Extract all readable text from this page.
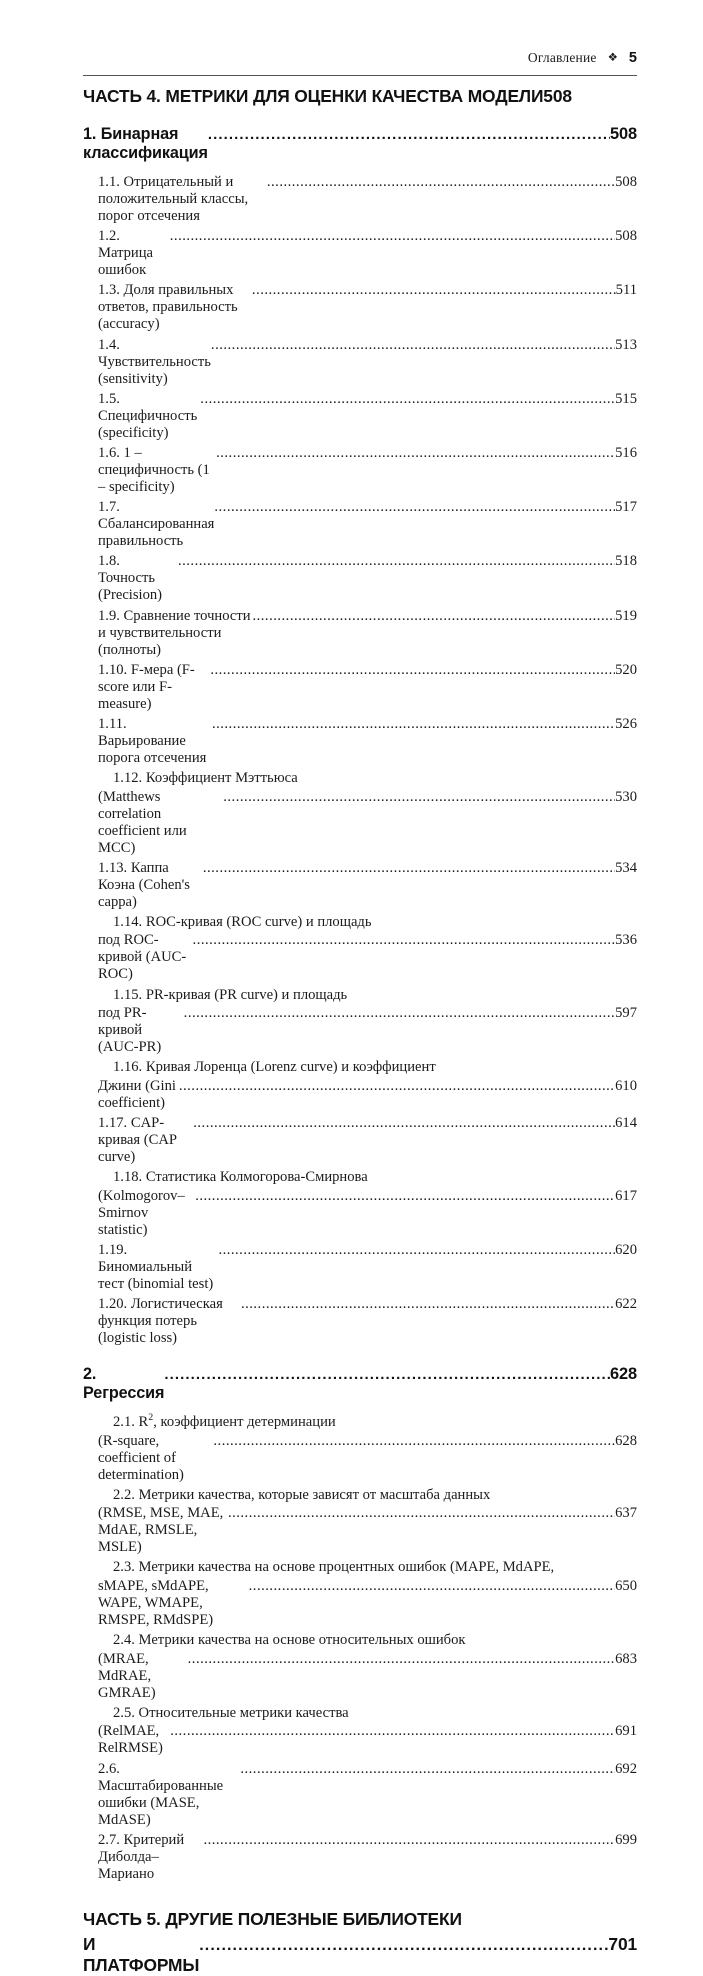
Оглавление ❖ 5
ЧАСТЬ 4. МЕТРИКИ ДЛЯ ОЦЕНКИ КАЧЕСТВА МОДЕЛИ 508
1. Бинарная классификация
.....
508
1.1. Отрицательный и положительный классы, порог отсечения
.....
508
1.2. Матрица ошибок
.....
508
1.3. Доля правильных ответов, правильность (accuracy)
.....
511
1.4. Чувствительность (sensitivity)
.....
513
1.5. Специфичность (specificity)
.....
515
1.6. 1 – специфичность (1 – specificity)
.....
516
1.7. Сбалансированная правильность
.....
517
1.8. Точность (Precision)
.....
518
1.9. Сравнение точности и чувствительности (полноты)
.....
519
1.10. F-мера (F-score или F-measure)
.....
520
1.11. Варьирование порога отсечения
.....
526
1.12. Коэффициент Мэттьюса
(Matthews correlation coefficient или MCC)
.....
530
1.13. Каппа Коэна (Cohen's cappa)
.....
534
1.14. ROC-кривая (ROC curve) и площадь
под ROC-кривой (AUC-ROC)
.....
536
1.15. PR-кривая (PR curve) и площадь
под PR-кривой (AUC-PR)
.....
597
1.16. Кривая Лоренца (Lorenz curve) и коэффициент
Джини (Gini coefficient)
.....
610
1.17. CAP-кривая (CAP curve)
.....
614
1.18. Статистика Колмогорова-Смирнова
(Kolmogorov–Smirnov statistic)
.....
617
1.19. Биномиальный тест (binomial test)
.....
620
1.20. Логистическая функция потерь (logistic loss)
.....
622
2. Регрессия
.....
628
2.1. $R^2$, коэффициент детерминации
(R-square, coefficient of determination)
.....
628
2.2. Метрики качества, которые зависят от масштаба данных
(RMSE, MSE, MAE, MdAE, RMSLE, MSLE)
.....
637
2.3. Метрики качества на основе процентных ошибок (MAPE, MdAPE,
sMAPE, sMdAPE, WAPE, WMAPE, RMSPE, RMdSPE)
.....
650
2.4. Метрики качества на основе относительных ошибок
(MRAE, MdRAE, GMRAE)
.....
683
2.5. Относительные метрики качества
(RelMAE, RelRMSE)
.....
691
2.6. Масштабированные ошибки (MASE, MdASE)
.....
692
2.7. Критерий Диболда–Мариано
.....
699
ЧАСТЬ 5. ДРУГИЕ ПОЛЕЗНЫЕ БИБЛИОТЕКИ
И ПЛАТФОРМЫ
.....
701
